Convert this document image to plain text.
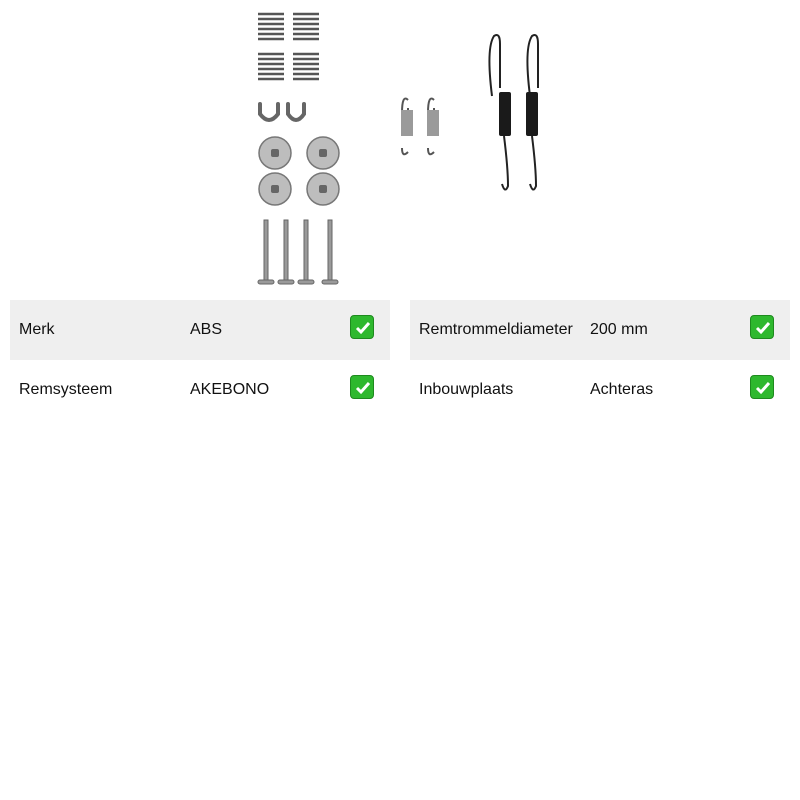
Merk	ABS
Remsysteem	AKEBONO
Remtrommeldiameter 200 mm
Inbouwplaats	Achteras
